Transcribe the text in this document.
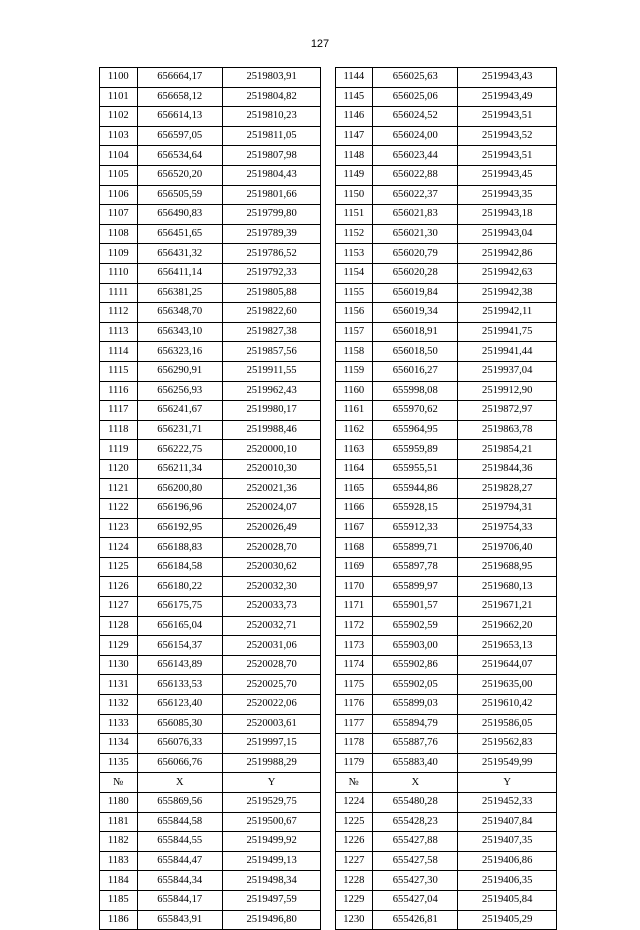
127
1100	656664,17	2519803,91		1144	656025,63	2519943,43
1101	656658,12	2519804,82		1145	656025,06	2519943,49
1102	656614,13	2519810,23		1146	656024,52	2519943,51
1103	656597,05	2519811,05		1147	656024,00	2519943,52
1104	656534,64	2519807,98		1148	656023,44	2519943,51
1105	656520,20	2519804,43		1149	656022,88	2519943,45
1106	656505,59	2519801,66		1150	656022,37	2519943,35
1107	656490,83	2519799,80		1151	656021,83	2519943,18
1108	656451,65	2519789,39		1152	656021,30	2519943,04
1109	656431,32	2519786,52		1153	656020,79	2519942,86
1110	656411,14	2519792,33		1154	656020,28	2519942,63
1111	656381,25	2519805,88		1155	656019,84	2519942,38
1112	656348,70	2519822,60		1156	656019,34	2519942,11
1113	656343,10	2519827,38		1157	656018,91	2519941,75
1114	656323,16	2519857,56		1158	656018,50	2519941,44
1115	656290,91	2519911,55		1159	656016,27	2519937,04
1116	656256,93	2519962,43		1160	655998,08	2519912,90
1117	656241,67	2519980,17		1161	655970,62	2519872,97
1118	656231,71	2519988,46		1162	655964,95	2519863,78
1119	656222,75	2520000,10		1163	655959,89	2519854,21
1120	656211,34	2520010,30		1164	655955,51	2519844,36
1121	656200,80	2520021,36		1165	655944,86	2519828,27
1122	656196,96	2520024,07		1166	655928,15	2519794,31
1123	656192,95	2520026,49		1167	655912,33	2519754,33
1124	656188,83	2520028,70		1168	655899,71	2519706,40
1125	656184,58	2520030,62		1169	655897,78	2519688,95
1126	656180,22	2520032,30		1170	655899,97	2519680,13
1127	656175,75	2520033,73		1171	655901,57	2519671,21
1128	656165,04	2520032,71		1172	655902,59	2519662,20
1129	656154,37	2520031,06		1173	655903,00	2519653,13
1130	656143,89	2520028,70		1174	655902,86	2519644,07
1131	656133,53	2520025,70		1175	655902,05	2519635,00
1132	656123,40	2520022,06		1176	655899,03	2519610,42
1133	656085,30	2520003,61		1177	655894,79	2519586,05
1134	656076,33	2519997,15		1178	655887,76	2519562,83
1135	656066,76	2519988,29		1179	655883,40	2519549,99
№	X	Y		№	X	Y
1180	655869,56	2519529,75		1224	655480,28	2519452,33
1181	655844,58	2519500,67		1225	655428,23	2519407,84
1182	655844,55	2519499,92		1226	655427,88	2519407,35
1183	655844,47	2519499,13		1227	655427,58	2519406,86
1184	655844,34	2519498,34		1228	655427,30	2519406,35
1185	655844,17	2519497,59		1229	655427,04	2519405,84
1186	655843,91	2519496,80		1230	655426,81	2519405,29
